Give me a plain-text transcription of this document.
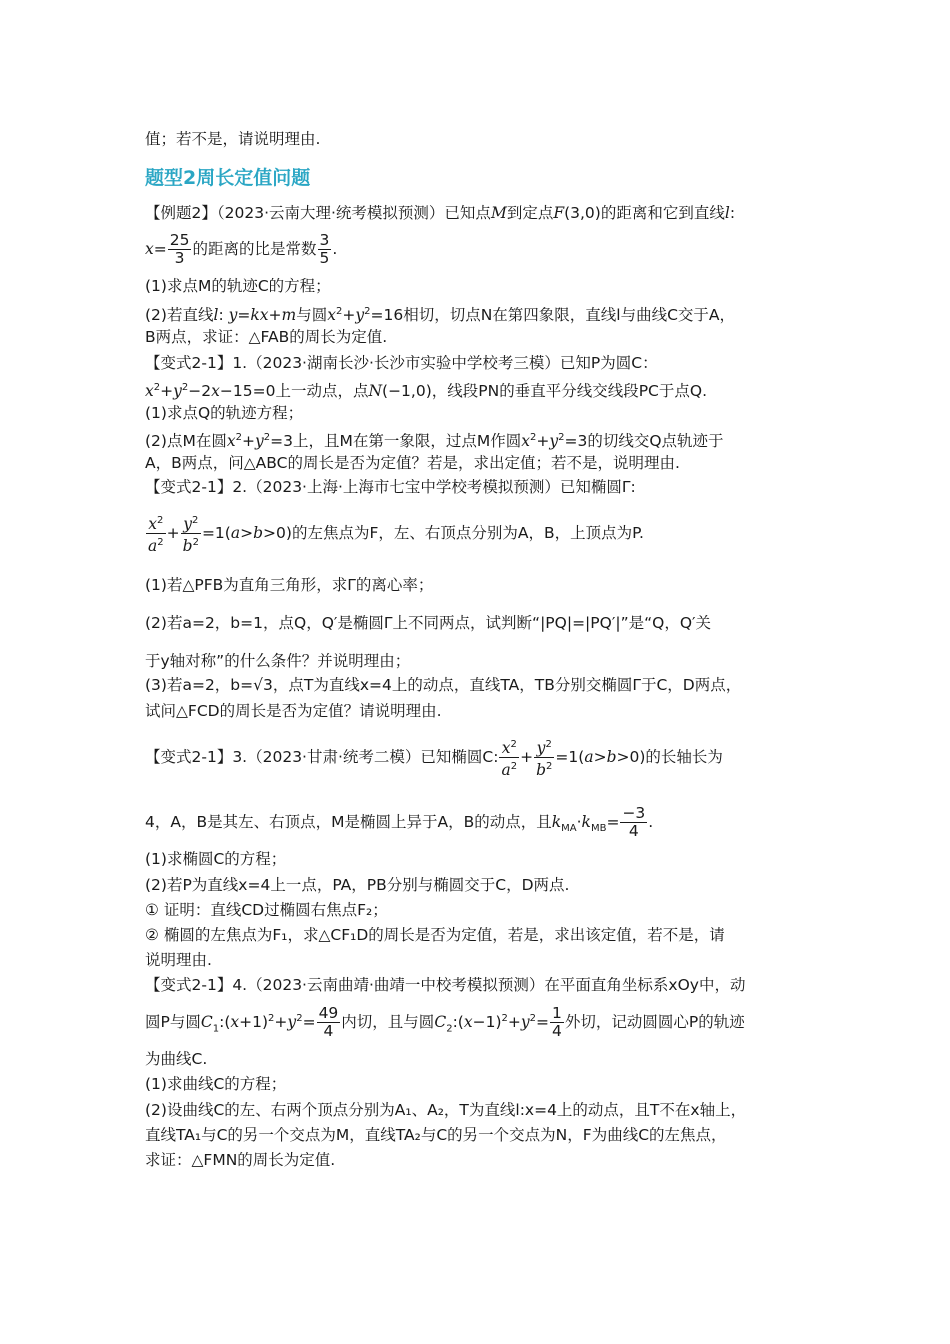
值；若不是，请说明理由.
题型2周长定值问题
【例题2】（2023·云南大理·统考模拟预测）已知点M到定点F(3,0)的距离和它到直线l:
$x= \frac{25}{3}$ 的距离的比是常数 $\frac{3}{5}$ .
(1)求点M的轨迹C的方程；
(2)若直线l: y=kx+m与圆$x^2+y^2=16$相切，切点N在第四象限，直线l与曲线C交于A，
B两点，求证：△FAB的周长为定值.
【变式2-1】1.（2023·湖南长沙·长沙市实验中学校考三模）已知P为圆C：
$x^2+y^2-2x-15=0$上一动点，点N(−1,0)，线段PN的垂直平分线交线段PC于点Q.
(1)求点Q的轨迹方程；
(2)点M在圆$x^2+y^2=3$上，且M在第一象限，过点M作圆$x^2+y^2=3$的切线交Q点轨迹于
A，B两点，问△ABC的周长是否为定值？若是，求出定值；若不是，说明理由.
【变式2-1】2.（2023·上海·上海市七宝中学校考模拟预测）已知椭圆Γ:
$\frac{x^2}{a^2} + \frac{y^2}{b^2} =1(a>b>0)$的左焦点为F，左、右顶点分别为A，B，上顶点为P.
(1)若△PFB为直角三角形，求Γ的离心率；
(2)若a=2，b=1，点Q，Q′是椭圆Γ上不同两点，试判断“|PQ|=|PQ′|”是“Q，Q′关
于y轴对称”的什么条件？并说明理由；
(3)若a=2，b=√3，点T为直线x=4上的动点，直线TA，TB分别交椭圆Γ于C，D两点，
试问△FCD的周长是否为定值？请说明理由.
【变式2-1】3.（2023·甘肃·统考二模）已知椭圆C: $\frac{x^2}{a^2} + \frac{y^2}{b^2} =1(a>b>0)$的长轴长为
4，A，B是其左、右顶点，M是椭圆上异于A，B的动点，且$k_{MA}\cdot k_{MB}= \frac{-3}{4}$ .
(1)求椭圆C的方程；
(2)若P为直线x=4上一点，PA，PB分别与椭圆交于C，D两点.
① 证明：直线CD过椭圆右焦点F₂；
② 椭圆的左焦点为F₁，求△CF₁D的周长是否为定值，若是，求出该定值，若不是，请
说明理由.
【变式2-1】4.（2023·云南曲靖·曲靖一中校考模拟预测）在平面直角坐标系xOy中，动
圆P与圆$C_1:(x+1)^2+y^2= \frac{49}{4}$ 内切，且与圆$C_2:(x-1)^2+y^2= \frac{1}{4}$ 外切，记动圆圆心P的轨迹
为曲线C.
(1)求曲线C的方程；
(2)设曲线C的左、右两个顶点分别为A₁、A₂，T为直线l:x=4上的动点，且T不在x轴上，
直线TA₁与C的另一个交点为M，直线TA₂与C的另一个交点为N，F为曲线C的左焦点，
求证：△FMN的周长为定值.
